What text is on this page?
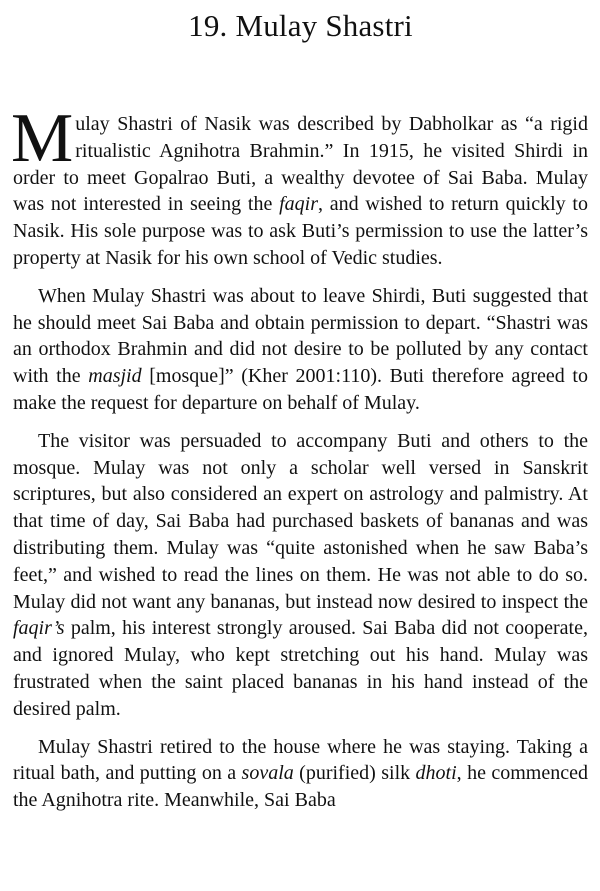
19. Mulay Shastri

M ulay Shastri of Nasik was described by Dabholkar as “a rigid ritualistic Agnihotra Brahmin.” In 1915, he visited Shirdi in order to meet Gopalrao Buti, a wealthy devotee of Sai Baba. Mulay was not interested in seeing the faqir, and wished to return quickly to Nasik. His sole purpose was to ask Buti’s permission to use the latter’s property at Nasik for his own school of Vedic studies.

When Mulay Shastri was about to leave Shirdi, Buti suggested that he should meet Sai Baba and obtain permission to depart. “Shastri was an orthodox Brahmin and did not desire to be polluted by any contact with the masjid [mosque]” (Kher 2001:110). Buti therefore agreed to make the request for departure on behalf of Mulay.

The visitor was persuaded to accompany Buti and others to the mosque. Mulay was not only a scholar well versed in Sanskrit scriptures, but also considered an expert on astrology and palmistry. At that time of day, Sai Baba had purchased baskets of bananas and was distributing them. Mulay was “quite astonished when he saw Baba’s feet,” and wished to read the lines on them. He was not able to do so. Mulay did not want any bananas, but instead now desired to inspect the faqir’s palm, his interest strongly aroused. Sai Baba did not cooperate, and ignored Mulay, who kept stretching out his hand. Mulay was frustrated when the saint placed bananas in his hand instead of the desired palm.

Mulay Shastri retired to the house where he was staying. Taking a ritual bath, and putting on a sovala (purified) silk dhoti, he commenced the Agnihotra rite. Meanwhile, Sai Baba
